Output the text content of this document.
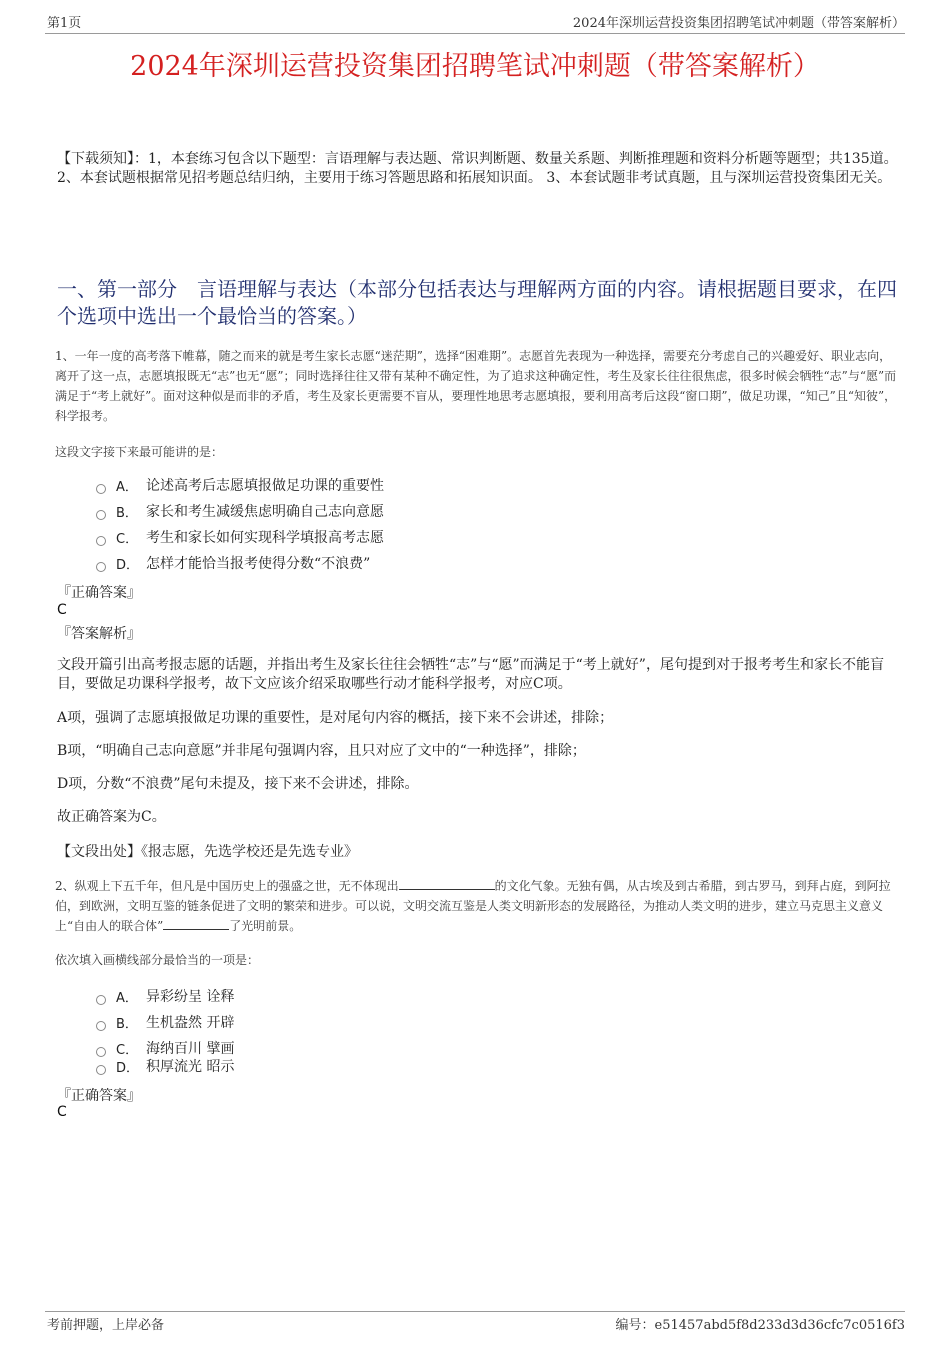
第1页	2024年深圳运营投资集团招聘笔试冲刺题（带答案解析）
2024年深圳运营投资集团招聘笔试冲刺题（带答案解析）
【下载须知】：1，本套练习包含以下题型：言语理解与表达题、常识判断题、数量关系题、判断推理题和资料分析题等题型；共135道。 2、本套试题根据常见招考题总结归纳，主要用于练习答题思路和拓展知识面。 3、本套试题非考试真题，且与深圳运营投资集团无关。
一、第一部分　言语理解与表达（本部分包括表达与理解两方面的内容。请根据题目要求，在四个选项中选出一个最恰当的答案。）
1、一年一度的高考落下帷幕，随之而来的就是考生家长志愿“迷茫期”，选择“困难期”。志愿首先表现为一种选择，需要充分考虑自己的兴趣爱好、职业志向，离开了这一点，志愿填报既无“志”也无“愿”；同时选择往往又带有某种不确定性，为了追求这种确定性，考生及家长往往很焦虑，很多时候会牺牲“志”与“愿”而满足于“考上就好”。面对这种似是而非的矛盾，考生及家长更需要不盲从，要理性地思考志愿填报，要利用高考后这段“窗口期”，做足功课，“知己”且“知彼”，科学报考。
这段文字接下来最可能讲的是：
A． 论述高考后志愿填报做足功课的重要性
B． 家长和考生减缓焦虑明确自己志向意愿
C． 考生和家长如何实现科学填报高考志愿
D． 怎样才能恰当报考使得分数“不浪费”
『正确答案』
C
『答案解析』
文段开篇引出高考报志愿的话题，并指出考生及家长往往会牺牲“志”与“愿”而满足于“考上就好”，尾句提到对于报考考生和家长不能盲目，要做足功课科学报考，故下文应该介绍采取哪些行动才能科学报考，对应C项。
A项，强调了志愿填报做足功课的重要性，是对尾句内容的概括，接下来不会讲述，排除；
B项，“明确自己志向意愿”并非尾句强调内容，且只对应了文中的“一种选择”，排除；
D项，分数“不浪费”尾句未提及，接下来不会讲述，排除。
故正确答案为C。
【文段出处】《报志愿，先选学校还是先选专业》
2、纵观上下五千年，但凡是中国历史上的强盛之世，无不体现出	的文化气象。无独有偶，从古埃及到古希腊，到古罗马，到拜占庭，到阿拉伯，到欧洲，文明互鉴的链条促进了文明的繁荣和进步。可以说，文明交流互鉴是人类文明新形态的发展路径，为推动人类文明的进步，建立马克思主义意义上“自由人的联合体”	了光明前景。
依次填入画横线部分最恰当的一项是：
A． 异彩纷呈 诠释
B． 生机盎然 开辟
C． 海纳百川 擘画
D． 积厚流光 昭示
『正确答案』
C
考前押题，上岸必备	编号：e51457abd5f8d233d3d36cfc7c0516f3
